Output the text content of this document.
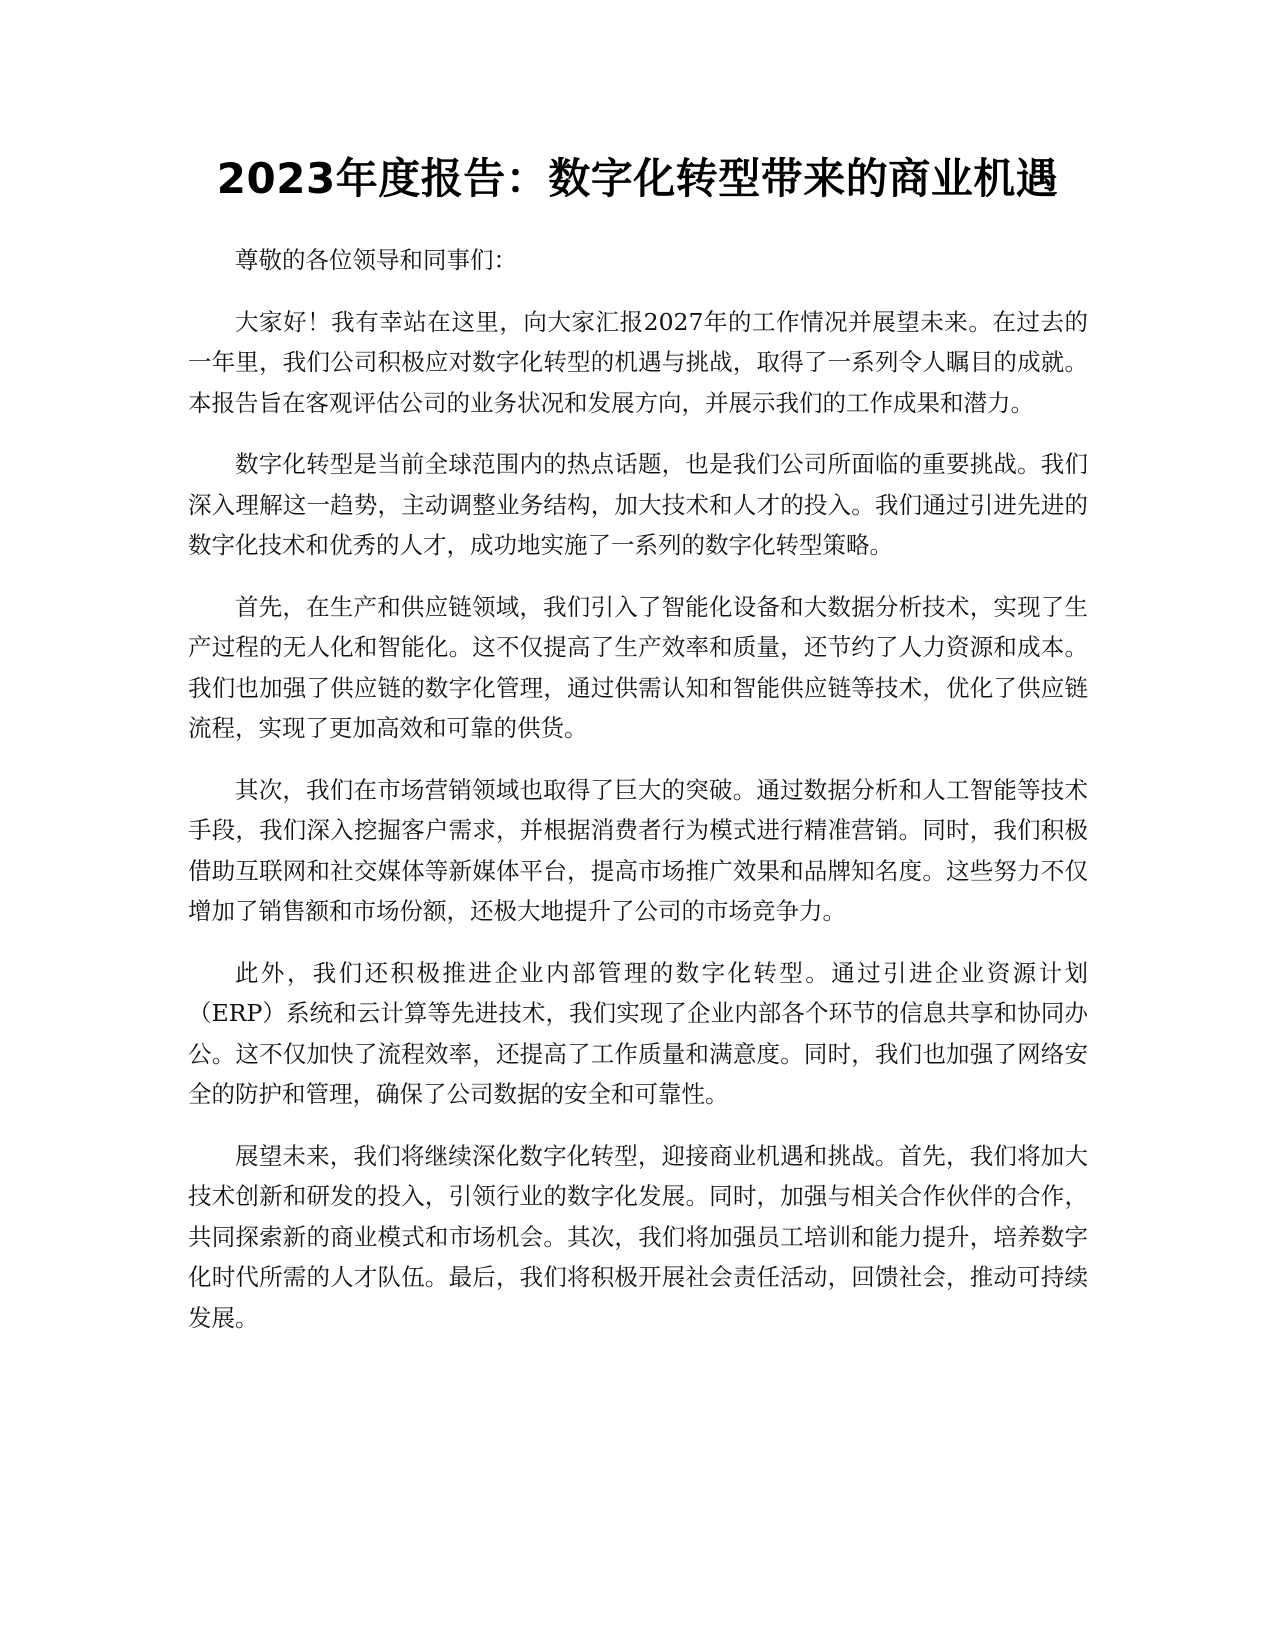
2023年度报告：数字化转型带来的商业机遇

尊敬的各位领导和同事们：

大家好！我有幸站在这里，向大家汇报2027年的工作情况并展望未来。在过去的一年里，我们公司积极应对数字化转型的机遇与挑战，取得了一系列令人瞩目的成就。本报告旨在客观评估公司的业务状况和发展方向，并展示我们的工作成果和潜力。

数字化转型是当前全球范围内的热点话题，也是我们公司所面临的重要挑战。我们深入理解这一趋势，主动调整业务结构，加大技术和人才的投入。我们通过引进先进的数字化技术和优秀的人才，成功地实施了一系列的数字化转型策略。

首先，在生产和供应链领域，我们引入了智能化设备和大数据分析技术，实现了生产过程的无人化和智能化。这不仅提高了生产效率和质量，还节约了人力资源和成本。我们也加强了供应链的数字化管理，通过供需认知和智能供应链等技术，优化了供应链流程，实现了更加高效和可靠的供货。

其次，我们在市场营销领域也取得了巨大的突破。通过数据分析和人工智能等技术手段，我们深入挖掘客户需求，并根据消费者行为模式进行精准营销。同时，我们积极借助互联网和社交媒体等新媒体平台，提高市场推广效果和品牌知名度。这些努力不仅增加了销售额和市场份额，还极大地提升了公司的市场竞争力。

此外，我们还积极推进企业内部管理的数字化转型。通过引进企业资源计划（ERP）系统和云计算等先进技术，我们实现了企业内部各个环节的信息共享和协同办公。这不仅加快了流程效率，还提高了工作质量和满意度。同时，我们也加强了网络安全的防护和管理，确保了公司数据的安全和可靠性。

展望未来，我们将继续深化数字化转型，迎接商业机遇和挑战。首先，我们将加大技术创新和研发的投入，引领行业的数字化发展。同时，加强与相关合作伙伴的合作，共同探索新的商业模式和市场机会。其次，我们将加强员工培训和能力提升，培养数字化时代所需的人才队伍。最后，我们将积极开展社会责任活动，回馈社会，推动可持续发展。
